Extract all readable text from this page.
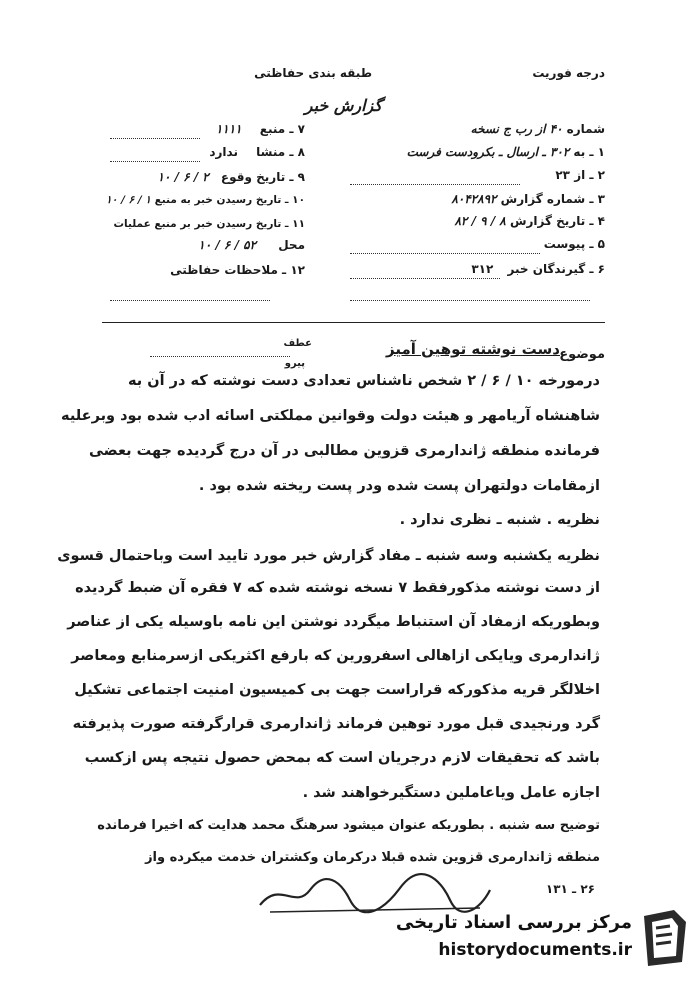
درجه فوریت
طبقه بندی حفاظتی
گزارش خبر
شماره ۴۰ از رب ج نسخه
۱ ـ به ۳۰۲ ـ ارسال ـ بکرودست فرست
۲ ـ از ۲۳
۳ ـ شماره گزارش ۸۰۴۲۸۹۲
۴ ـ تاریخ گزارش ۸ / ۹ / ۸۲
۵ ـ پیوست
۶ ـ گیرندگان خبر ۳۱۲
۷ ـ منبع ۱۱۱۱
۸ ـ منشا ندارد
۹ ـ تاریخ وقوع ۲ / ۶ / ۱۰
۱۰ ـ تاریخ رسیدن خبر به منبع ۱ / ۶ / ۱۰
۱۱ ـ تاریخ رسیدن خبر بر منبع عملیات
محل ۵۲ / ۶ / ۱۰
۱۲ ـ ملاحظات حفاظتی
موضوع
دست نوشته توهین آمیز
عطف
پیرو
درمورخه ۱۰ / ۶ / ۲ شخص ناشناس تعدادی دست نوشته که در آن به
شاهنشاه آریامهر و هیئت دولت وقوانین مملکتی اسائه ادب شده بود وبرعلیه
فرمانده منطقه ژاندارمری قزوین مطالبی در آن درج گردیده جهت بعضی
ازمقامات دولتهران پست شده ودر پست ریخته شده بود .
نظریه . شنبه ـ نظری ندارد .
نظریه یکشنبه وسه شنبه ـ مفاد گزارش خبر مورد تایید است وباحتمال قسوی
از دست نوشته مذکورفقط ۷ نسخه نوشته شده که ۷ فقره آن ضبط گرديده
وبطوریکه ازمفاد آن استنباط میگردد نوشتن این نامه باوسیله یکی از عناصر
ژاندارمری ویایکی ازاهالی اسفرورین که بارفع اکثریکی ازسرمنابع ومعاصر
اخلالگر قریه مذکورکه قراراست جهت بی کمیسیون امنیت اجتماعی تشکیل
گرد ورنجیدی قبل مورد توهین فرماند ژاندارمری قرارگرفته صورت پذیرفته
باشد که تحقیقات لازم درجریان است که بمحض حصول نتیجه پس ازکسب
اجازه عامل ویاعاملین دستگیرخواهند شد .
توضیح سه شنبه . بطوریکه عنوان میشود سرهنگ محمد هدایت که اخیرا فرمانده
منطقه ژاندارمری قزوین شده قبلا درکرمان وکشتران خدمت میکرده واز
۲۶ ـ ۱۳۱
مرکز بررسی اسناد تاریخی
historydocuments.ir
